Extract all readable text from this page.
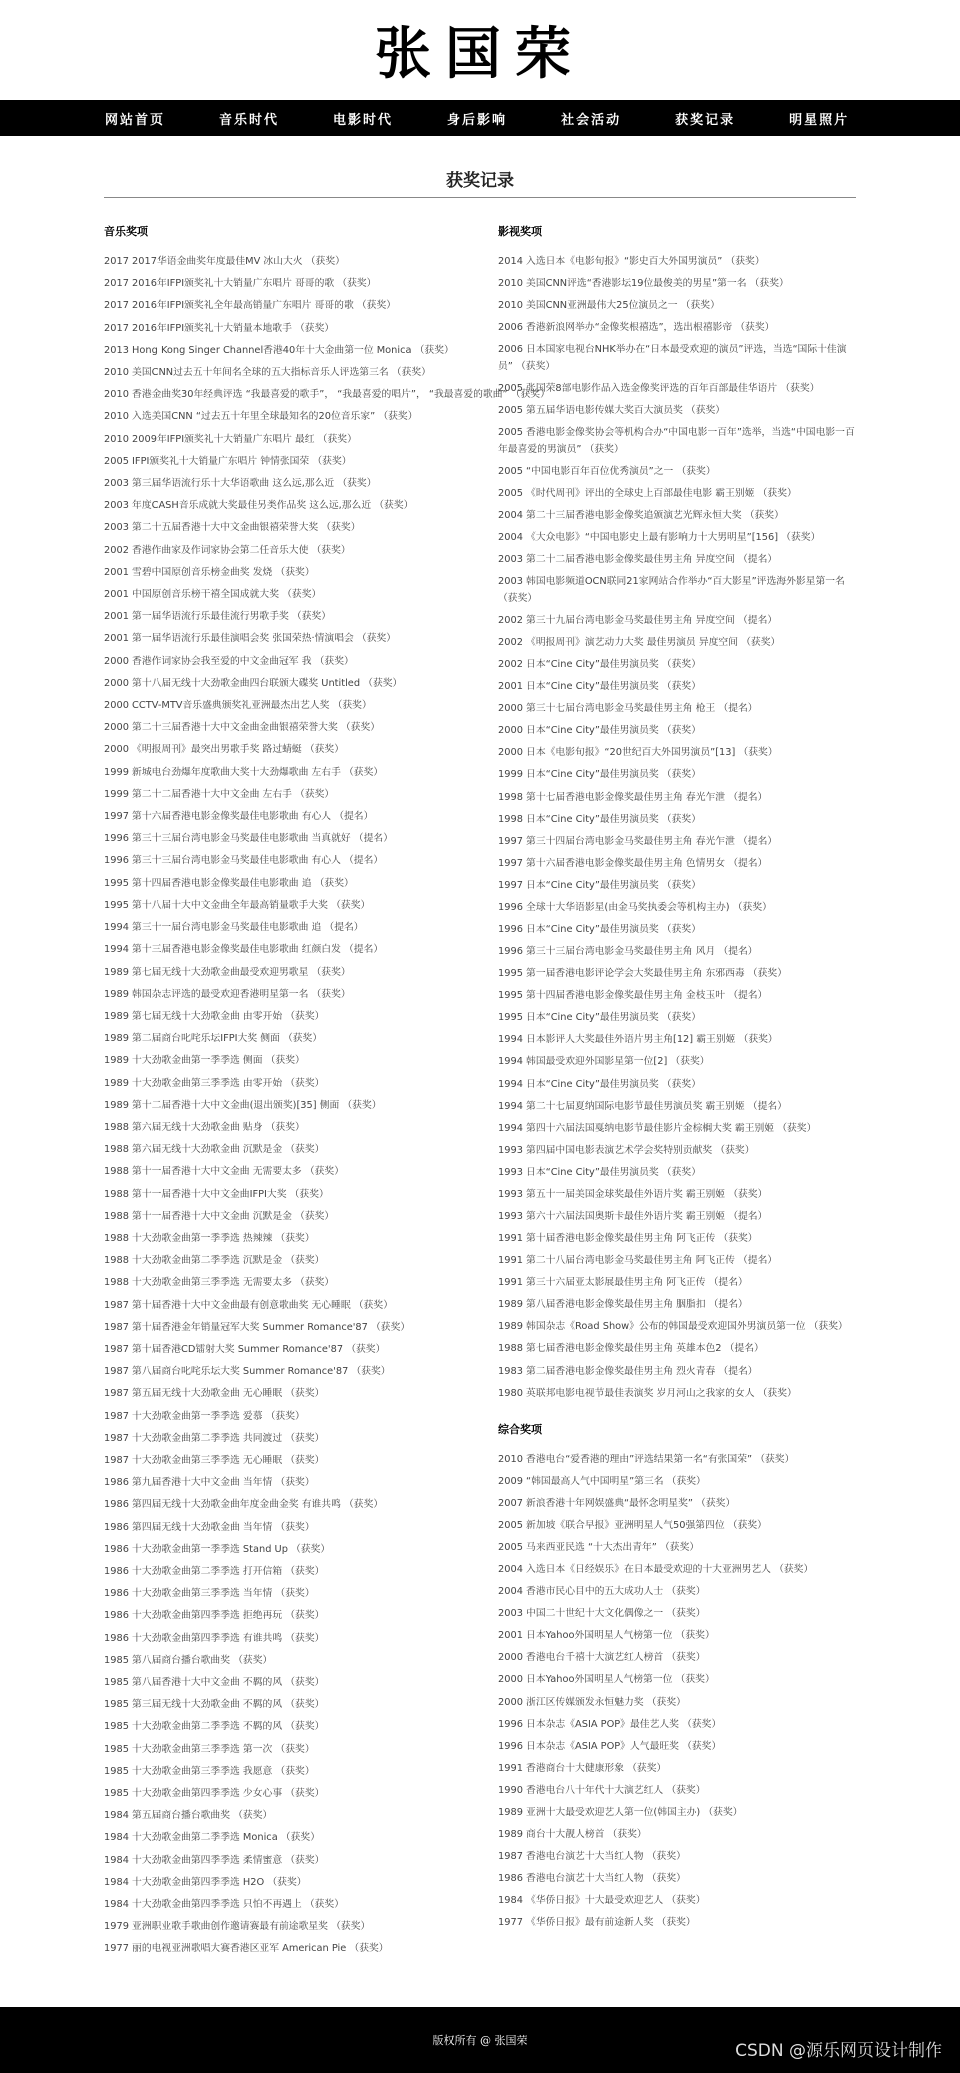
张国荣
网站首页	音乐时代	电影时代	身后影响	社会活动	获奖记录	明星照片
获奖记录
音乐奖项
2017 2017华语金曲奖年度最佳MV 冰山大火 （获奖）
2017 2016年IFPI颁奖礼十大销量广东唱片 哥哥的歌 （获奖）
2017 2016年IFPI颁奖礼全年最高销量广东唱片 哥哥的歌 （获奖）
2017 2016年IFPI颁奖礼十大销量本地歌手 （获奖）
2013 Hong Kong Singer Channel香港40年十大金曲第一位 Monica （获奖）
2010 美国CNN过去五十年间名全球的五大指标音乐人评选第三名 （获奖）
2010 香港金曲奖30年经典评选 “我最喜爱的歌手”， “我最喜爱的唱片”， “我最喜爱的歌曲” （获奖）
2010 入选美国CNN “过去五十年里全球最知名的20位音乐家” （获奖）
2010 2009年IFPI颁奖礼十大销量广东唱片 最红 （获奖）
2005 IFPI颁奖礼十大销量广东唱片 钟情张国荣 （获奖）
2003 第三届华语流行乐十大华语歌曲 这么远,那么近 （获奖）
2003 年度CASH音乐成就大奖最佳另类作品奖 这么远,那么近 （获奖）
2003 第二十五届香港十大中文金曲银禧荣誉大奖 （获奖）
2002 香港作曲家及作词家协会第二任音乐大使 （获奖）
2001 雪碧中国原创音乐榜金曲奖 发烧 （获奖）
2001 中国原创音乐榜干禧全国成就大奖 （获奖）
2001 第一届华语流行乐最佳流行男歌手奖 （获奖）
2001 第一届华语流行乐最佳演唱会奖 张国荣热·情演唱会 （获奖）
2000 香港作词家协会我至爱的中文金曲冠军 我 （获奖）
2000 第十八届无线十大劲歌金曲四台联颁大碟奖 Untitled （获奖）
2000 CCTV-MTV音乐盛典颁奖礼亚洲最杰出艺人奖 （获奖）
2000 第二十三届香港十大中文金曲金曲银禧荣誉大奖 （获奖）
2000 《明报周刊》最突出男歌手奖 路过蜻蜓 （获奖）
1999 新城电台劲爆年度歌曲大奖十大劲爆歌曲 左右手 （获奖）
1999 第二十二届香港十大中文金曲 左右手 （获奖）
1997 第十六届香港电影金像奖最佳电影歌曲 有心人 （提名）
1996 第三十三届台湾电影金马奖最佳电影歌曲 当真就好 （提名）
1996 第三十三届台湾电影金马奖最佳电影歌曲 有心人 （提名）
1995 第十四届香港电影金像奖最佳电影歌曲 追 （获奖）
1995 第十八届十大中文金曲全年最高销量歌手大奖 （获奖）
1994 第三十一届台湾电影金马奖最佳电影歌曲 追 （提名）
1994 第十三届香港电影金像奖最佳电影歌曲 红颜白发 （提名）
1989 第七届无线十大劲歌金曲最受欢迎男歌星 （获奖）
1989 韩国杂志评选的最受欢迎香港明星第一名 （获奖）
1989 第七届无线十大劲歌金曲 由零开始 （获奖）
1989 第二届商台叱咤乐坛IFPI大奖 侧面 （获奖）
1989 十大劲歌金曲第一季季选 侧面 （获奖）
1989 十大劲歌金曲第三季季选 由零开始 （获奖）
1989 第十二届香港十大中文金曲(退出颁奖)[35] 侧面 （获奖）
1988 第六届无线十大劲歌金曲 贴身 （获奖）
1988 第六届无线十大劲歌金曲 沉默是金 （获奖）
1988 第十一届香港十大中文金曲 无需要太多 （获奖）
1988 第十一届香港十大中文金曲IFPI大奖 （获奖）
1988 第十一届香港十大中文金曲 沉默是金 （获奖）
1988 十大劲歌金曲第一季季选 热辣辣 （获奖）
1988 十大劲歌金曲第二季季选 沉默是金 （获奖）
1988 十大劲歌金曲第三季季选 无需要太多 （获奖）
1987 第十届香港十大中文金曲最有创意歌曲奖 无心睡眠 （获奖）
1987 第十届香港金年销量冠军大奖 Summer Romance'87 （获奖）
1987 第十届香港CD镭射大奖 Summer Romance'87 （获奖）
1987 第八届商台叱咤乐坛大奖 Summer Romance'87 （获奖）
1987 第五届无线十大劲歌金曲 无心睡眠 （获奖）
1987 十大劲歌金曲第一季季选 爱慕 （获奖）
1987 十大劲歌金曲第二季季选 共同渡过 （获奖）
1987 十大劲歌金曲第三季季选 无心睡眠 （获奖）
1986 第九届香港十大中文金曲 当年情 （获奖）
1986 第四届无线十大劲歌金曲年度金曲金奖 有谁共鸣 （获奖）
1986 第四届无线十大劲歌金曲 当年情 （获奖）
1986 十大劲歌金曲第一季季选 Stand Up （获奖）
1986 十大劲歌金曲第二季季选 打开信箱 （获奖）
1986 十大劲歌金曲第三季季选 当年情 （获奖）
1986 十大劲歌金曲第四季季选 拒绝再玩 （获奖）
1986 十大劲歌金曲第四季季选 有谁共鸣 （获奖）
1985 第八届商台播台歌曲奖 （获奖）
1985 第八届香港十大中文金曲 不羁的风 （获奖）
1985 第三届无线十大劲歌金曲 不羁的风 （获奖）
1985 十大劲歌金曲第二季季选 不羁的风 （获奖）
1985 十大劲歌金曲第三季季选 第一次 （获奖）
1985 十大劲歌金曲第三季季选 我愿意 （获奖）
1985 十大劲歌金曲第四季季选 少女心事 （获奖）
1984 第五届商台播台歌曲奖 （获奖）
1984 十大劲歌金曲第二季季选 Monica （获奖）
1984 十大劲歌金曲第四季季选 柔情蜜意 （获奖）
1984 十大劲歌金曲第四季季选 H2O （获奖）
1984 十大劲歌金曲第四季季选 只怕不再遇上 （获奖）
1979 亚洲职业歌手歌曲创作邀请赛最有前途歌星奖 （获奖）
1977 丽的电视亚洲歌唱大赛香港区亚军 American Pie （获奖）
影视奖项
2014 入选日本《电影旬报》“影史百大外国男演员” （获奖）
2010 美国CNN评选“香港影坛19位最俊美的男星”第一名 （获奖）
2010 美国CNN亚洲最伟大25位演员之一 （获奖）
2006 香港新浪网举办“金像奖根禧选”，选出根禧影帝 （获奖）
2006 日本国家电视台NHK举办在“日本最受欢迎的演员”评选，当选“国际十佳演员” （获奖）
2005 张国荣8部电影作品入选金像奖评选的百年百部最佳华语片 （获奖）
2005 第五届华语电影传媒大奖百大演员奖 （获奖）
2005 香港电影金像奖协会等机构合办“中国电影一百年”选举，当选“中国电影一百年最喜爱的男演员” （获奖）
2005 “中国电影百年百位优秀演员”之一 （获奖）
2005 《时代周刊》评出的全球史上百部最佳电影 霸王别姬 （获奖）
2004 第二十三届香港电影金像奖追颁演艺光辉永恒大奖 （获奖）
2004 《大众电影》“中国电影史上最有影响力十大男明星”[156] （获奖）
2003 第二十二届香港电影金像奖最佳男主角 异度空间 （提名）
2003 韩国电影频道OCN联同21家网站合作举办“百大影星”评选海外影星第一名 （获奖）
2002 第三十九届台湾电影金马奖最佳男主角 异度空间 （提名）
2002 《明报周刊》演艺动力大奖 最佳男演员 异度空间 （获奖）
2002 日本“Cine City”最佳男演员奖 （获奖）
2001 日本“Cine City”最佳男演员奖 （获奖）
2000 第三十七届台湾电影金马奖最佳男主角 枪王 （提名）
2000 日本“Cine City”最佳男演员奖 （获奖）
2000 日本《电影旬报》“20世纪百大外国男演员”[13] （获奖）
1999 日本“Cine City”最佳男演员奖 （获奖）
1998 第十七届香港电影金像奖最佳男主角 春光乍泄 （提名）
1998 日本“Cine City”最佳男演员奖 （获奖）
1997 第三十四届台湾电影金马奖最佳男主角 春光乍泄 （提名）
1997 第十六届香港电影金像奖最佳男主角 色情男女 （提名）
1997 日本“Cine City”最佳男演员奖 （获奖）
1996 全球十大华语影星(由金马奖执委会等机构主办) （获奖）
1996 日本“Cine City”最佳男演员奖 （获奖）
1996 第三十三届台湾电影金马奖最佳男主角 风月 （提名）
1995 第一届香港电影评论学会大奖最佳男主角 东邪西毒 （获奖）
1995 第十四届香港电影金像奖最佳男主角 金枝玉叶 （提名）
1995 日本“Cine City”最佳男演员奖 （获奖）
1994 日本影评人大奖最佳外语片男主角[12] 霸王别姬 （获奖）
1994 韩国最受欢迎外国影星第一位[2] （获奖）
1994 日本“Cine City”最佳男演员奖 （获奖）
1994 第二十七届夏纳国际电影节最佳男演员奖 霸王别姬 （提名）
1994 第四十六届法国戛纳电影节最佳影片金棕榈大奖 霸王别姬 （获奖）
1993 第四届中国电影表演艺术学会奖特别贡献奖 （获奖）
1993 日本“Cine City”最佳男演员奖 （获奖）
1993 第五十一届美国金球奖最佳外语片奖 霸王别姬 （获奖）
1993 第六十六届法国奥斯卡最佳外语片奖 霸王别姬 （提名）
1991 第十届香港电影金像奖最佳男主角 阿飞正传 （获奖）
1991 第二十八届台湾电影金马奖最佳男主角 阿飞正传 （提名）
1991 第三十六届亚太影展最佳男主角 阿飞正传 （提名）
1989 第八届香港电影金像奖最佳男主角 胭脂扣 （提名）
1989 韩国杂志《Road Show》公布的韩国最受欢迎国外男演员第一位 （获奖）
1988 第七届香港电影金像奖最佳男主角 英雄本色2 （提名）
1983 第二届香港电影金像奖最佳男主角 烈火青春 （提名）
1980 英联邦电影电视节最佳表演奖 岁月河山之我家的女人 （获奖）
综合奖项
2010 香港电台“爱香港的理由”评选结果第一名“有张国荣” （获奖）
2009 “韩国最高人气中国明星”第三名 （获奖）
2007 新浪香港十年网娱盛典“最怀念明星奖” （获奖）
2005 新加坡《联合早报》亚洲明星人气50强第四位 （获奖）
2005 马来西亚民选 “十大杰出青年” （获奖）
2004 入选日本《日经娱乐》在日本最受欢迎的十大亚洲男艺人 （获奖）
2004 香港市民心目中的五大成功人士 （获奖）
2003 中国二十世纪十大文化偶像之一 （获奖）
2001 日本Yahoo外国明星人气榜第一位 （获奖）
2000 香港电台千禧十大演艺红人榜首 （获奖）
2000 日本Yahoo外国明星人气榜第一位 （获奖）
2000 浙江区传媒颁发永恒魅力奖 （获奖）
1996 日本杂志《ASIA POP》最佳艺人奖 （获奖）
1996 日本杂志《ASIA POP》人气最旺奖 （获奖）
1991 香港商台十大健康形象 （获奖）
1990 香港电台八十年代十大演艺红人 （获奖）
1989 亚洲十大最受欢迎艺人第一位(韩国主办) （获奖）
1989 商台十大靓人榜首 （获奖）
1987 香港电台演艺十大当红人物 （获奖）
1986 香港电台演艺十大当红人物 （获奖）
1984 《华侨日报》十大最受欢迎艺人 （获奖）
1977 《华侨日报》最有前途新人奖 （获奖）
版权所有 @ 张国荣
CSDN @源乐网页设计制作
